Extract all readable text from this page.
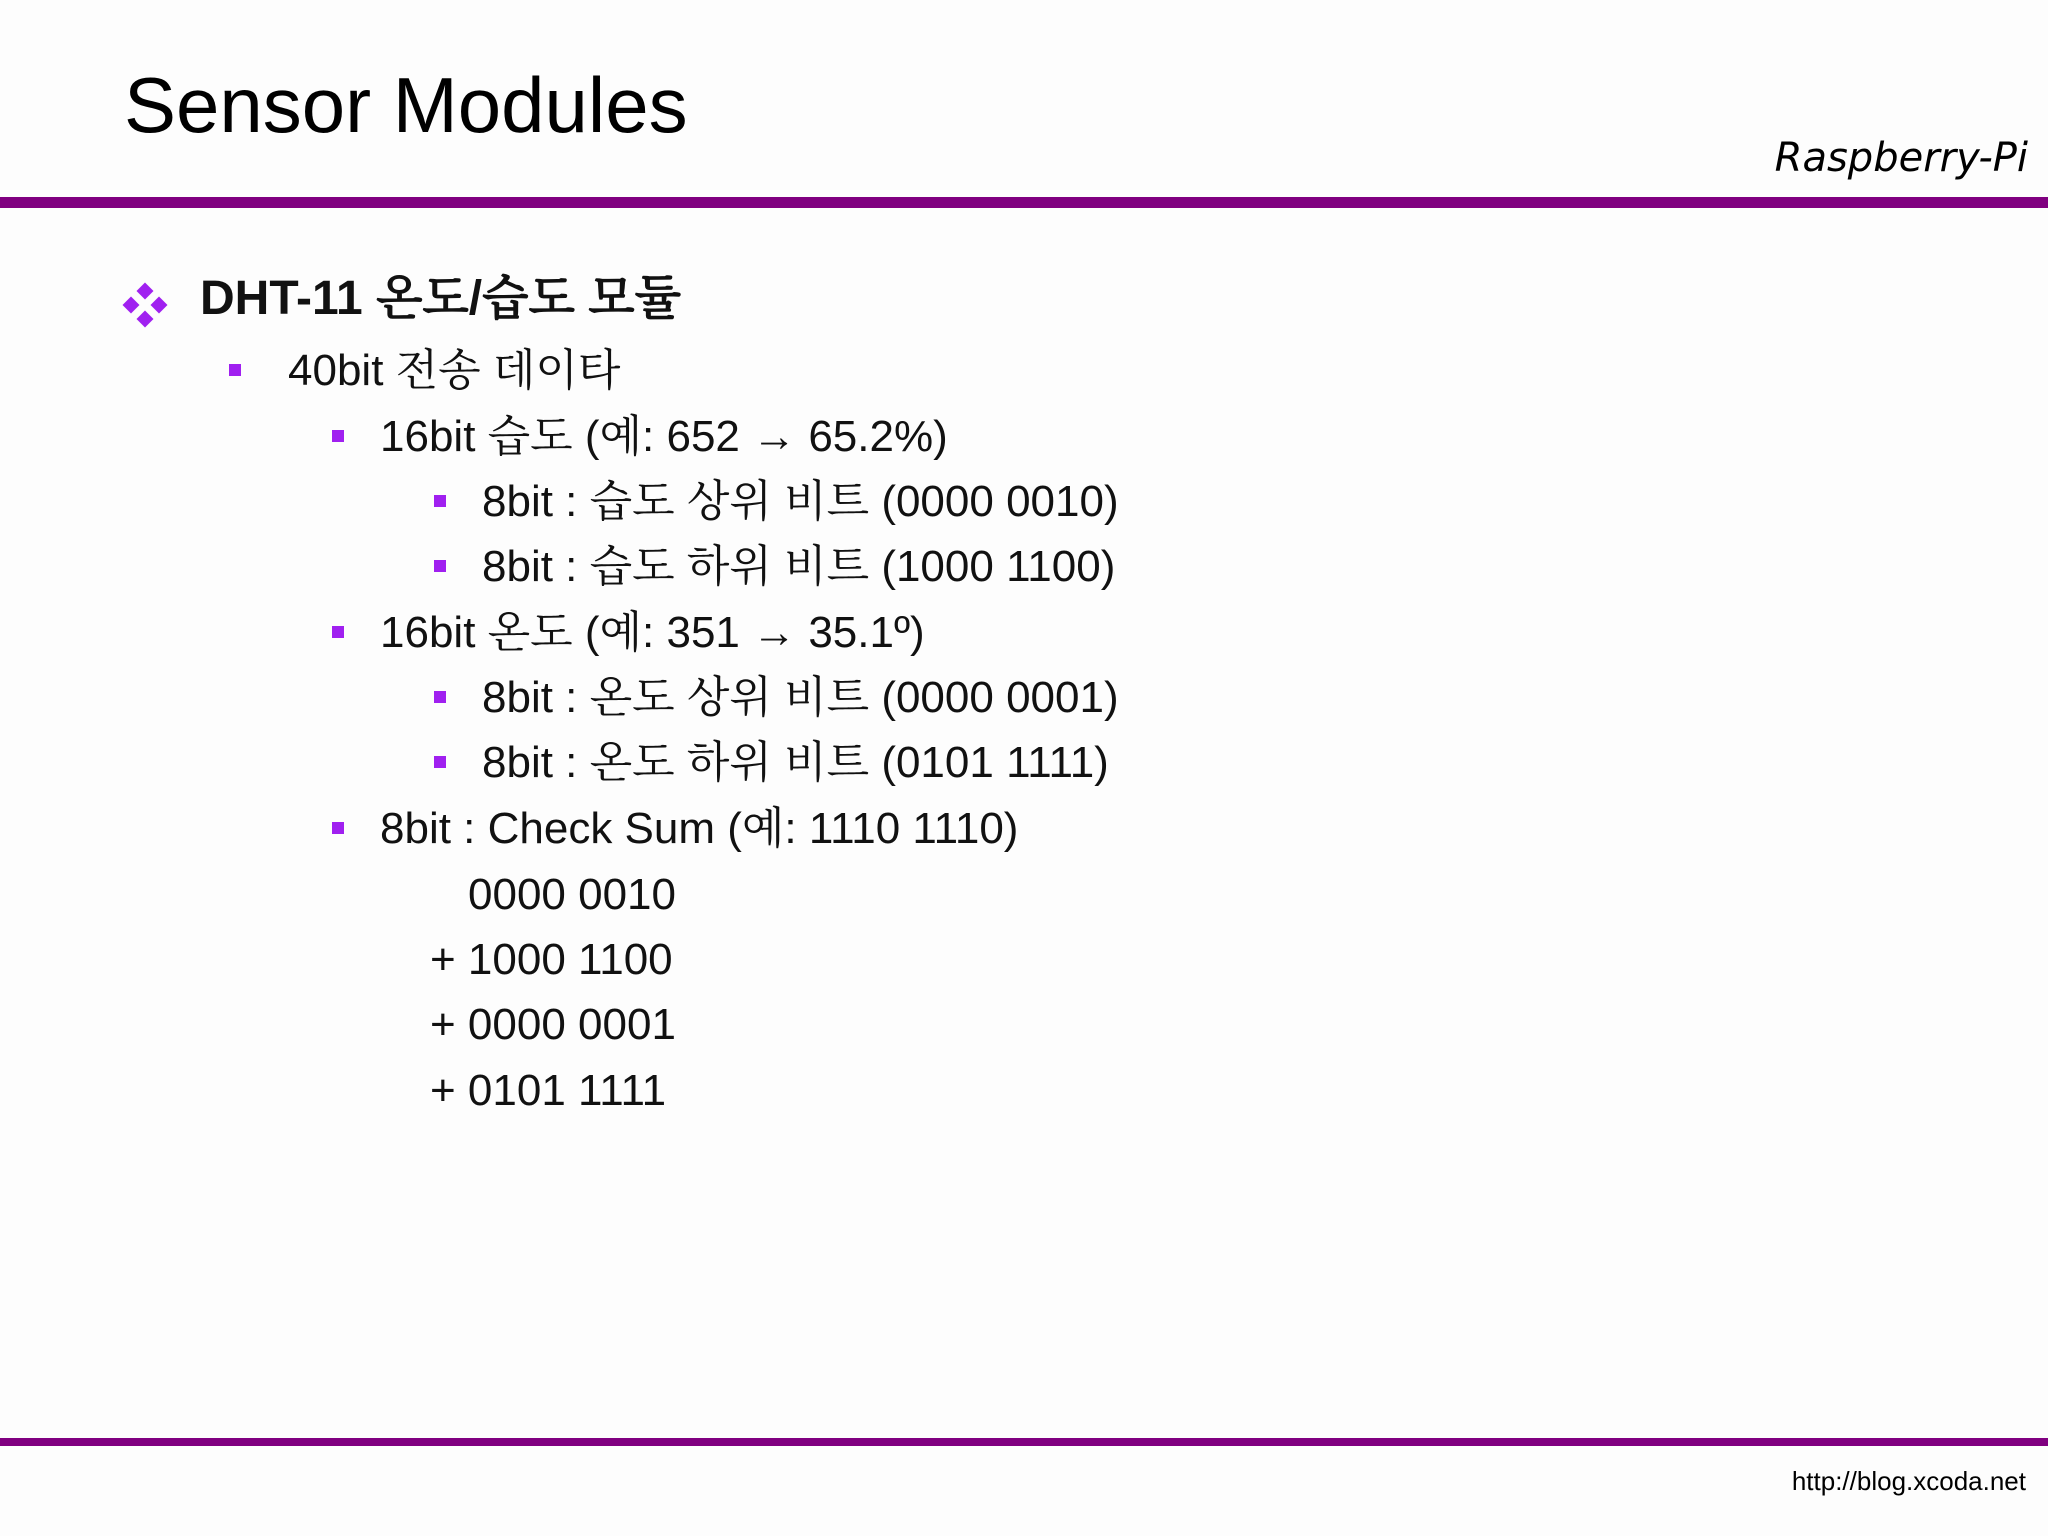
Sensor Modules
Raspberry-Pi
DHT-11 온도/습도 모듈
40bit 전송 데이타
16bit 습도 (예: 652 → 65.2%)
8bit : 습도 상위 비트 (0000 0010)
8bit : 습도 하위 비트 (1000 1100)
16bit 온도 (예: 351 → 35.1º)
8bit : 온도 상위 비트 (0000 0001)
8bit : 온도 하위 비트 (0101 1111)
8bit : Check Sum (예: 1110 1110)
0000 0010
+ 1000 1100
+ 0000 0001
+ 0101 1111
http://blog.xcoda.net
